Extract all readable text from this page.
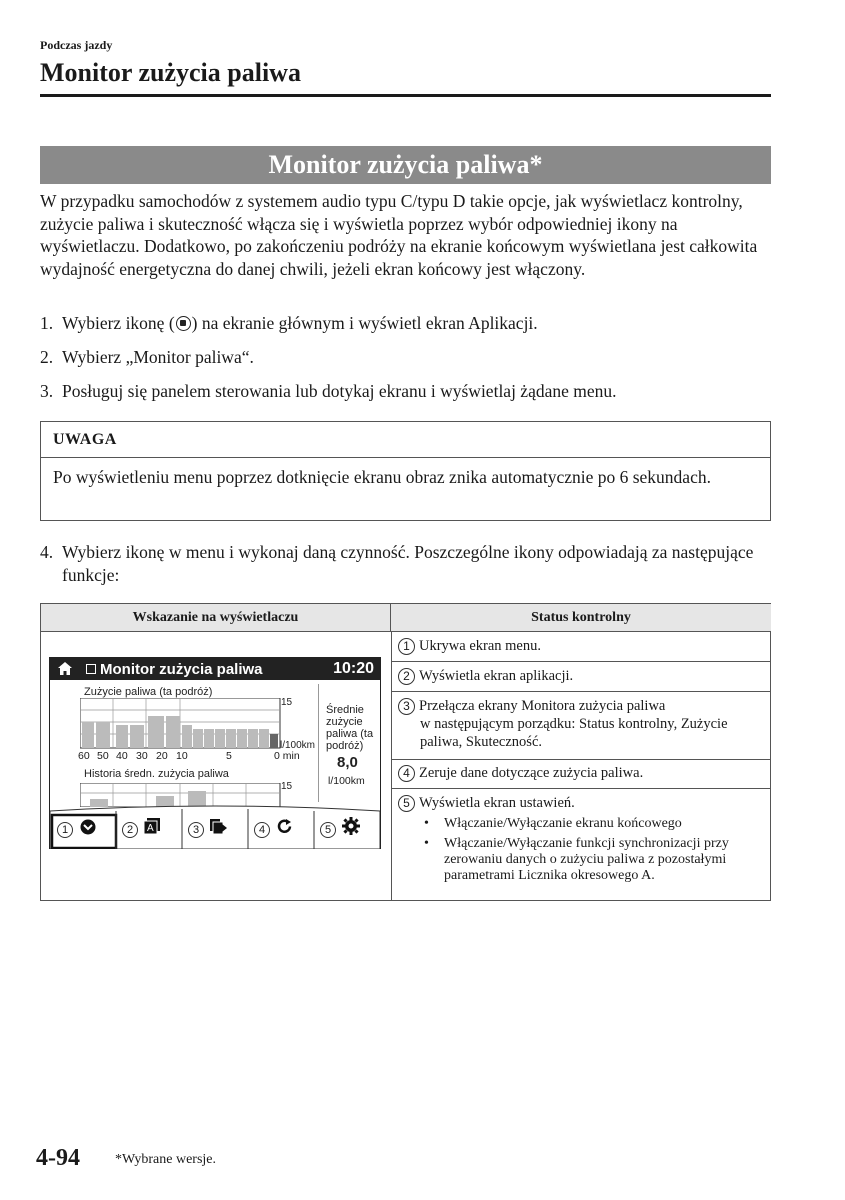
Podczas jazdy
Monitor zużycia paliwa
Monitor zużycia paliwa*

W przypadku samochodów z systemem audio typu C/typu D takie opcje, jak wyświetlacz kontrolny, zużycie paliwa i skuteczność włącza się i wyświetla poprzez wybór odpowiedniej ikony na wyświetlaczu. Dodatkowo, po zakończeniu podróży na ekranie końcowym wyświetlana jest całkowita wydajność energetyczna do danej chwili, jeżeli ekran końcowy jest włączony.

1. Wybierz ikonę ( ) na ekranie głównym i wyświetl ekran Aplikacji.
2. Wybierz „Monitor paliwa“.
3. Posługuj się panelem sterowania lub dotykaj ekranu i wyświetlaj żądane menu.
UWAGA
Po wyświetleniu menu poprzez dotknięcie ekranu obraz znika automatycznie po 6 sekundach.
4. Wybierz ikonę w menu i wykonaj daną czynność. Poszczególne ikony odpowiadają za następujące funkcje:
Wskazanie na wyświetlaczu	Status kontrolny
1 Ukrywa ekran menu.
2 Wyświetla ekran aplikacji.
3 Przełącza ekrany Monitora zużycia paliwa
w następującym porządku: Status kontrolny, Zużycie paliwa, Skuteczność.
4 Zeruje dane dotyczące zużycia paliwa.
5 Wyświetla ekran ustawień.
• Włączanie/Wyłączanie ekranu końcowego
• Włączanie/Wyłączanie funkcji synchronizacji przy zerowaniu danych o zużyciu paliwa z pozostałymi parametrami Licznika okresowego A.
Monitor zużycia paliwa	10:20
Zużycie paliwa (ta podróż)
15
l/100km
60 50 40 30 20 10	5	0 min
Średnie zużycie paliwa (ta podróż)
8,0
l/100km
Historia średn. zużycia paliwa
15
1	2	A	3	4	5
4-94	*Wybrane wersje.
